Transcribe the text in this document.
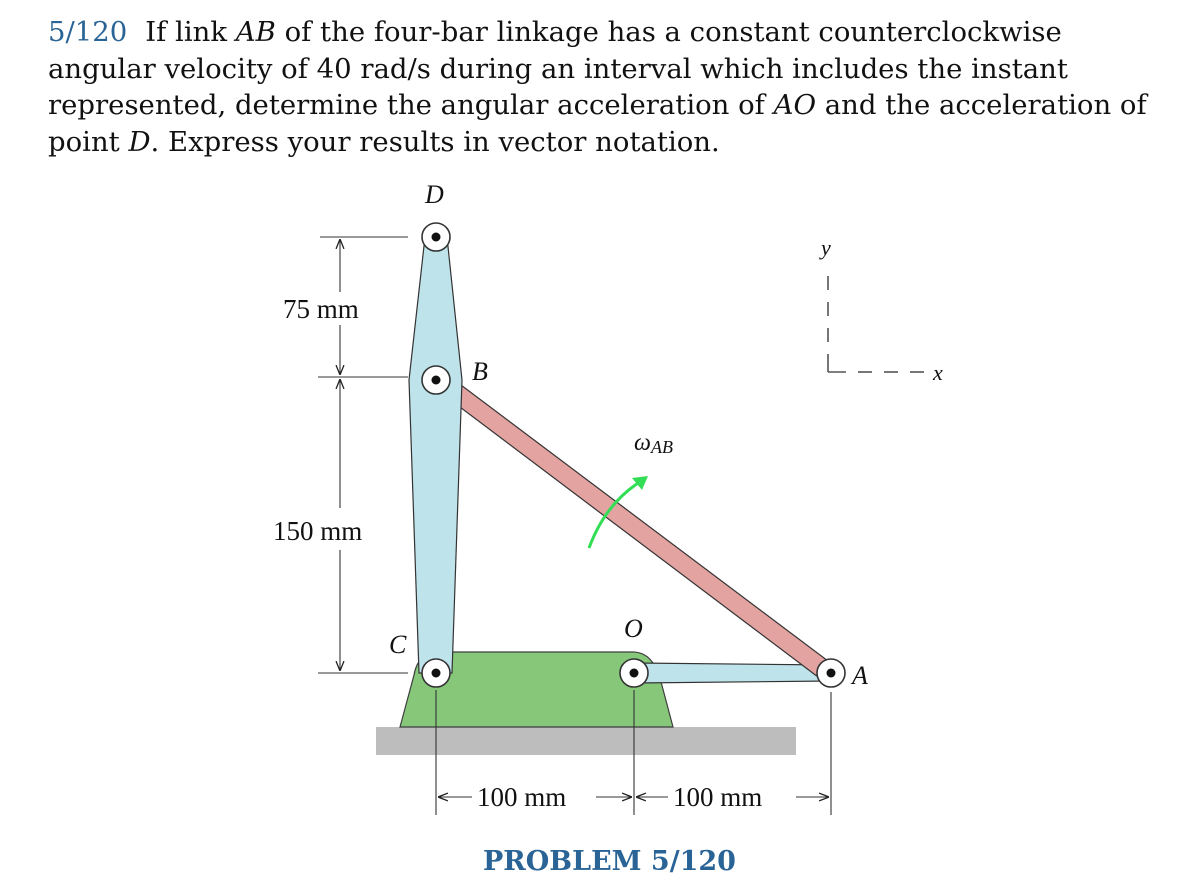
5/120 If link AB of the four-bar linkage has a constant counterclockwise angular velocity of 40 rad/s during an interval which includes the instant represented, determine the angular acceleration of AO and the acceleration of point D. Express your results in vector notation.
D
B
C
O
A
ωAB
y
x
75 mm
150 mm
100 mm	100 mm
PROBLEM 5/120
